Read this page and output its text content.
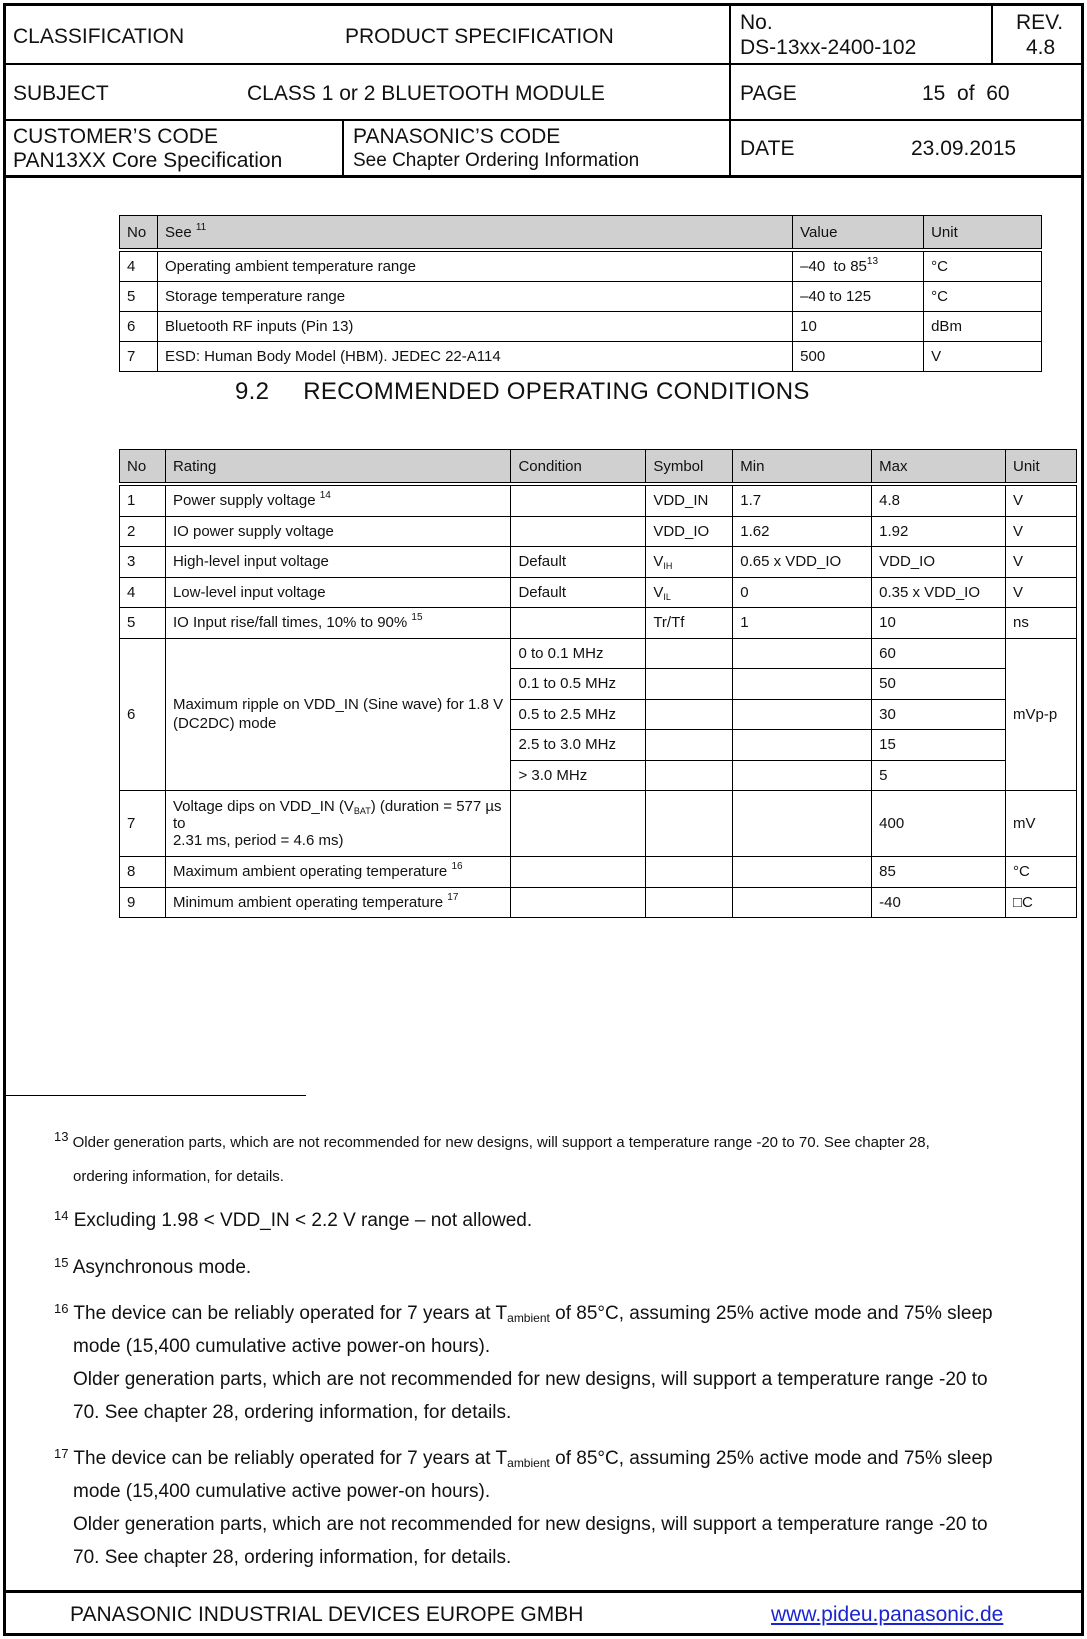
CLASSIFICATION	PRODUCT SPECIFICATION
No.
DS-13xx-2400-102
REV.
4.8
SUBJECT	CLASS 1 or 2 BLUETOOTH MODULE	PAGE	15  of  60
CUSTOMER’S CODE
PAN13XX Core Specification
PANASONIC’S CODE
See Chapter Ordering Information
DATE	23.09.2015
No	See $^{11}$	Value	Unit

4	Operating ambient temperature range	–40  to $85^{13}$	°C
5	Storage temperature range	–40 to 125	°C
6	Bluetooth RF inputs (Pin 13)	10	dBm
7	ESD: Human Body Model (HBM). JEDEC 22-A114	500	V
9.2 RECOMMENDED OPERATING CONDITIONS
No	Rating	Condition	Symbol	Min	Max	Unit

1	Power supply voltage $^{14}$		VDD_IN	1.7	4.8	V
2	IO power supply voltage		VDD_IO	1.62	1.92	V
3	High-level input voltage	Default	$V_{IH}$	0.65 x VDD_IO	VDD_IO	V
4	Low-level input voltage	Default	$V_{IL}$	0	0.35 x VDD_IO	V
5	IO Input rise/fall times, 10% to 90% $^{15}$		Tr/Tf	1	10	ns
6	Maximum ripple on VDD_IN (Sine wave) for 1.8 V (DC2DC) mode	0 to 0.1 MHz			60	mVp-p
		0.1 to 0.5 MHz			50	
		0.5 to 2.5 MHz			30	
		2.5 to 3.0 MHz			15	
		> 3.0 MHz			5	
7	Voltage dips on VDD_IN $(V_{BAT})$ (duration = 577 µs to
2.31 ms, period = 4.6 ms)				400	mV
8	Maximum ambient operating temperature $^{16}$				85	°C
9	Minimum ambient operating temperature $^{17}$				-40	□C
13 Older generation parts, which are not recommended for new designs, will support a temperature range -20 to 70. See chapter 28,
ordering information, for details.
$^{14}$ Excluding 1.98 < VDD_IN < 2.2 V range – not allowed.
$^{15}$ Asynchronous mode.
$^{16}$ The device can be reliably operated for 7 years at $T_{ambient}$ of 85°C, assuming 25% active mode and 75% sleep
mode (15,400 cumulative active power-on hours).
Older generation parts, which are not recommended for new designs, will support a temperature range -20 to
70. See chapter 28, ordering information, for details.
$^{17}$ The device can be reliably operated for 7 years at $T_{ambient}$ of 85°C, assuming 25% active mode and 75% sleep
mode (15,400 cumulative active power-on hours).
Older generation parts, which are not recommended for new designs, will support a temperature range -20 to
70. See chapter 28, ordering information, for details.
PANASONIC INDUSTRIAL DEVICES EUROPE GMBH	www.pideu.panasonic.de
